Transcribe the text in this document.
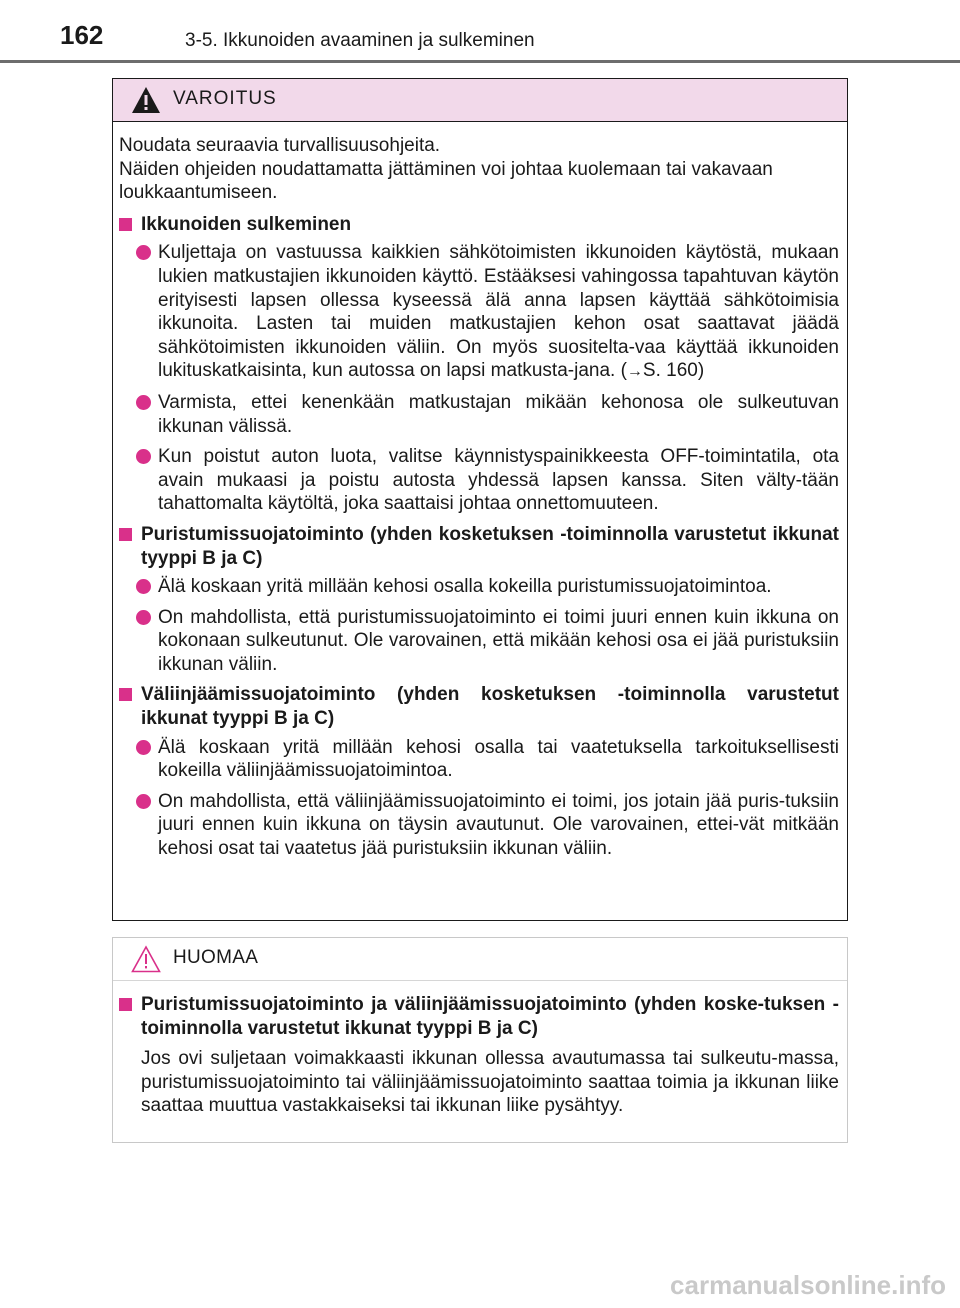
162	3-5. Ikkunoiden avaaminen ja sulkeminen
VAROITUS

Noudata seuraavia turvallisuusohjeita.

Näiden ohjeiden noudattamatta jättäminen voi johtaa kuolemaan tai vakavaan loukkaantumiseen.

Ikkunoiden sulkeminen
Kuljettaja on vastuussa kaikkien sähkötoimisten ikkunoiden käytöstä, mukaan lukien matkustajien ikkunoiden käyttö. Estääksesi vahingossa tapahtuvan käytön erityisesti lapsen ollessa kyseessä älä anna lapsen käyttää sähkötoimisia ikkunoita. Lasten tai muiden matkustajien kehon osat saattavat jäädä sähkötoimisten ikkunoiden väliin. On myös suositelta-vaa käyttää ikkunoiden lukituskatkaisinta, kun autossa on lapsi matkusta-jana. (→S. 160)
Varmista, ettei kenenkään matkustajan mikään kehonosa ole sulkeutuvan ikkunan välissä.
Kun poistut auton luota, valitse käynnistyspainikkeesta OFF-toimintatila, ota avain mukaasi ja poistu autosta yhdessä lapsen kanssa. Siten välty-tään tahattomalta käytöltä, joka saattaisi johtaa onnettomuuteen.
Puristumissuojatoiminto (yhden kosketuksen -toiminnolla varustetut ikkunat tyyppi B ja C)
Älä koskaan yritä millään kehosi osalla kokeilla puristumissuojatoimintoa.
On mahdollista, että puristumissuojatoiminto ei toimi juuri ennen kuin ikkuna on kokonaan sulkeutunut. Ole varovainen, että mikään kehosi osa ei jää puristuksiin ikkunan väliin.
Väliinjäämissuojatoiminto (yhden kosketuksen -toiminnolla varustetut ikkunat tyyppi B ja C)
Älä koskaan yritä millään kehosi osalla tai vaatetuksella tarkoituksellisesti kokeilla väliinjäämissuojatoimintoa.
On mahdollista, että väliinjäämissuojatoiminto ei toimi, jos jotain jää puris-tuksiin juuri ennen kuin ikkuna on täysin avautunut. Ole varovainen, ettei-vät mitkään kehosi osat tai vaatetus jää puristuksiin ikkunan väliin.
HUOMAA
Puristumissuojatoiminto ja väliinjäämissuojatoiminto (yhden koske-tuksen -toiminnolla varustetut ikkunat tyyppi B ja C)
Jos ovi suljetaan voimakkaasti ikkunan ollessa avautumassa tai sulkeutu-massa, puristumissuojatoiminto tai väliinjäämissuojatoiminto saattaa toimia ja ikkunan liike saattaa muuttua vastakkaiseksi tai ikkunan liike pysähtyy.
carmanualsonline.info
